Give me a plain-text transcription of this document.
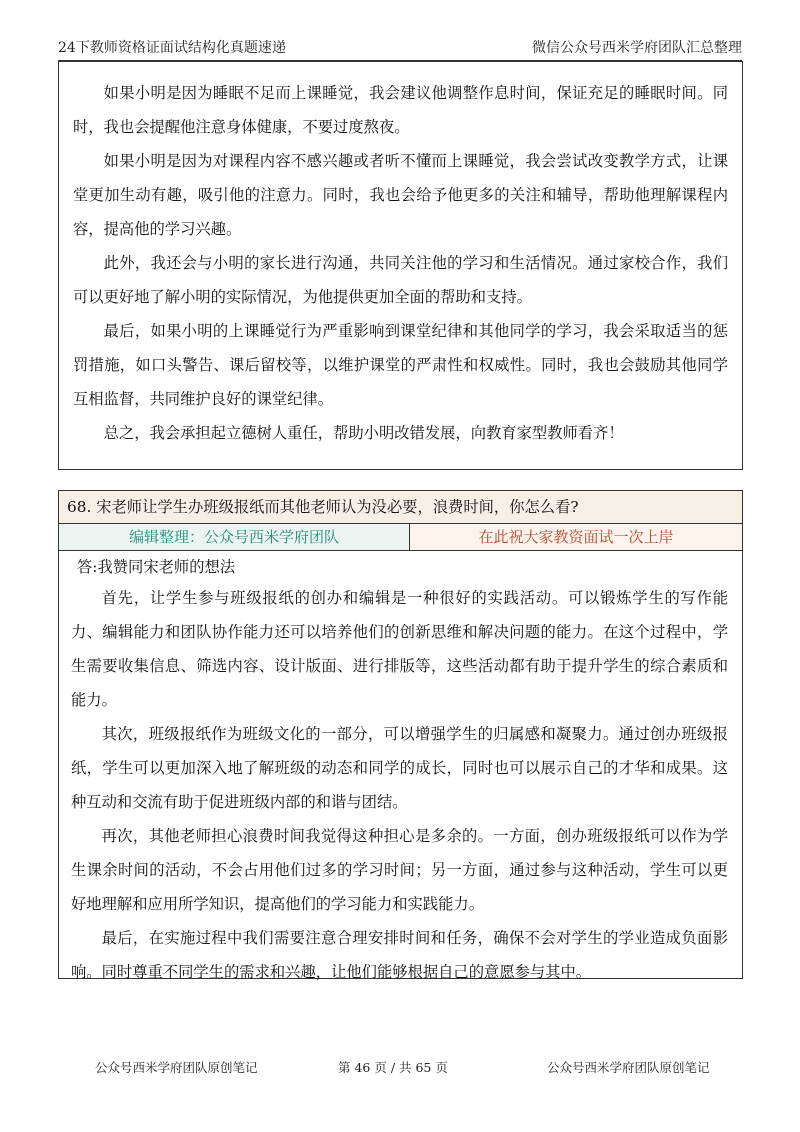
24下教师资格证面试结构化真题速递	微信公众号西米学府团队汇总整理

如果小明是因为睡眠不足而上课睡觉，我会建议他调整作息时间，保证充足的睡眠时间。同时，我也会提醒他注意身体健康，不要过度熬夜。

如果小明是因为对课程内容不感兴趣或者听不懂而上课睡觉，我会尝试改变教学方式，让课堂更加生动有趣，吸引他的注意力。同时，我也会给予他更多的关注和辅导，帮助他理解课程内容，提高他的学习兴趣。

此外，我还会与小明的家长进行沟通，共同关注他的学习和生活情况。通过家校合作，我们可以更好地了解小明的实际情况，为他提供更加全面的帮助和支持。

最后，如果小明的上课睡觉行为严重影响到课堂纪律和其他同学的学习，我会采取适当的惩罚措施，如口头警告、课后留校等，以维护课堂的严肃性和权威性。同时，我也会鼓励其他同学互相监督，共同维护良好的课堂纪律。

总之，我会承担起立德树人重任，帮助小明改错发展，向教育家型教师看齐！

68. 宋老师让学生办班级报纸而其他老师认为没必要，浪费时间，你怎么看?
编辑整理：公众号西米学府团队	在此祝大家教资面试一次上岸
答:我赞同宋老师的想法

首先，让学生参与班级报纸的创办和编辑是一种很好的实践活动。可以锻炼学生的写作能力、编辑能力和团队协作能力还可以培养他们的创新思维和解决问题的能力。在这个过程中，学生需要收集信息、筛选内容、设计版面、进行排版等，这些活动都有助于提升学生的综合素质和能力。

其次，班级报纸作为班级文化的一部分，可以增强学生的归属感和凝聚力。通过创办班级报纸，学生可以更加深入地了解班级的动态和同学的成长，同时也可以展示自己的才华和成果。这种互动和交流有助于促进班级内部的和谐与团结。

再次，其他老师担心浪费时间我觉得这种担心是多余的。一方面，创办班级报纸可以作为学生课余时间的活动，不会占用他们过多的学习时间；另一方面，通过参与这种活动，学生可以更好地理解和应用所学知识，提高他们的学习能力和实践能力。

最后，在实施过程中我们需要注意合理安排时间和任务，确保不会对学生的学业造成负面影响。同时尊重不同学生的需求和兴趣，让他们能够根据自己的意愿参与其中。

公众号西米学府团队原创笔记	第 46 页 / 共 65 页	公众号西米学府团队原创笔记
